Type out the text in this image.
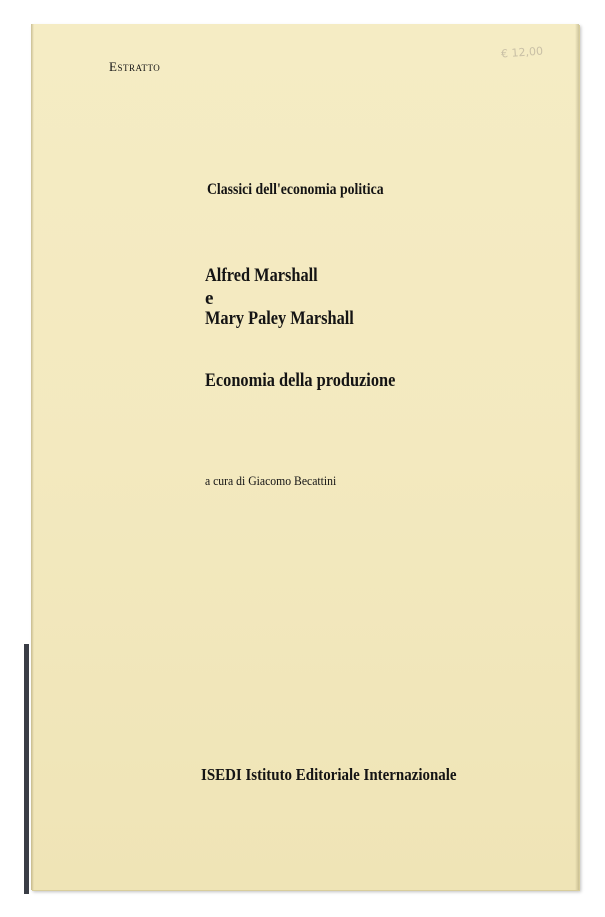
€ 12,00
Estratto
Classici dell'economia politica
Alfred Marshall
e
Mary Paley Marshall
Economia della produzione
a cura di Giacomo Becattini
ISEDI Istituto Editoriale Internazionale
